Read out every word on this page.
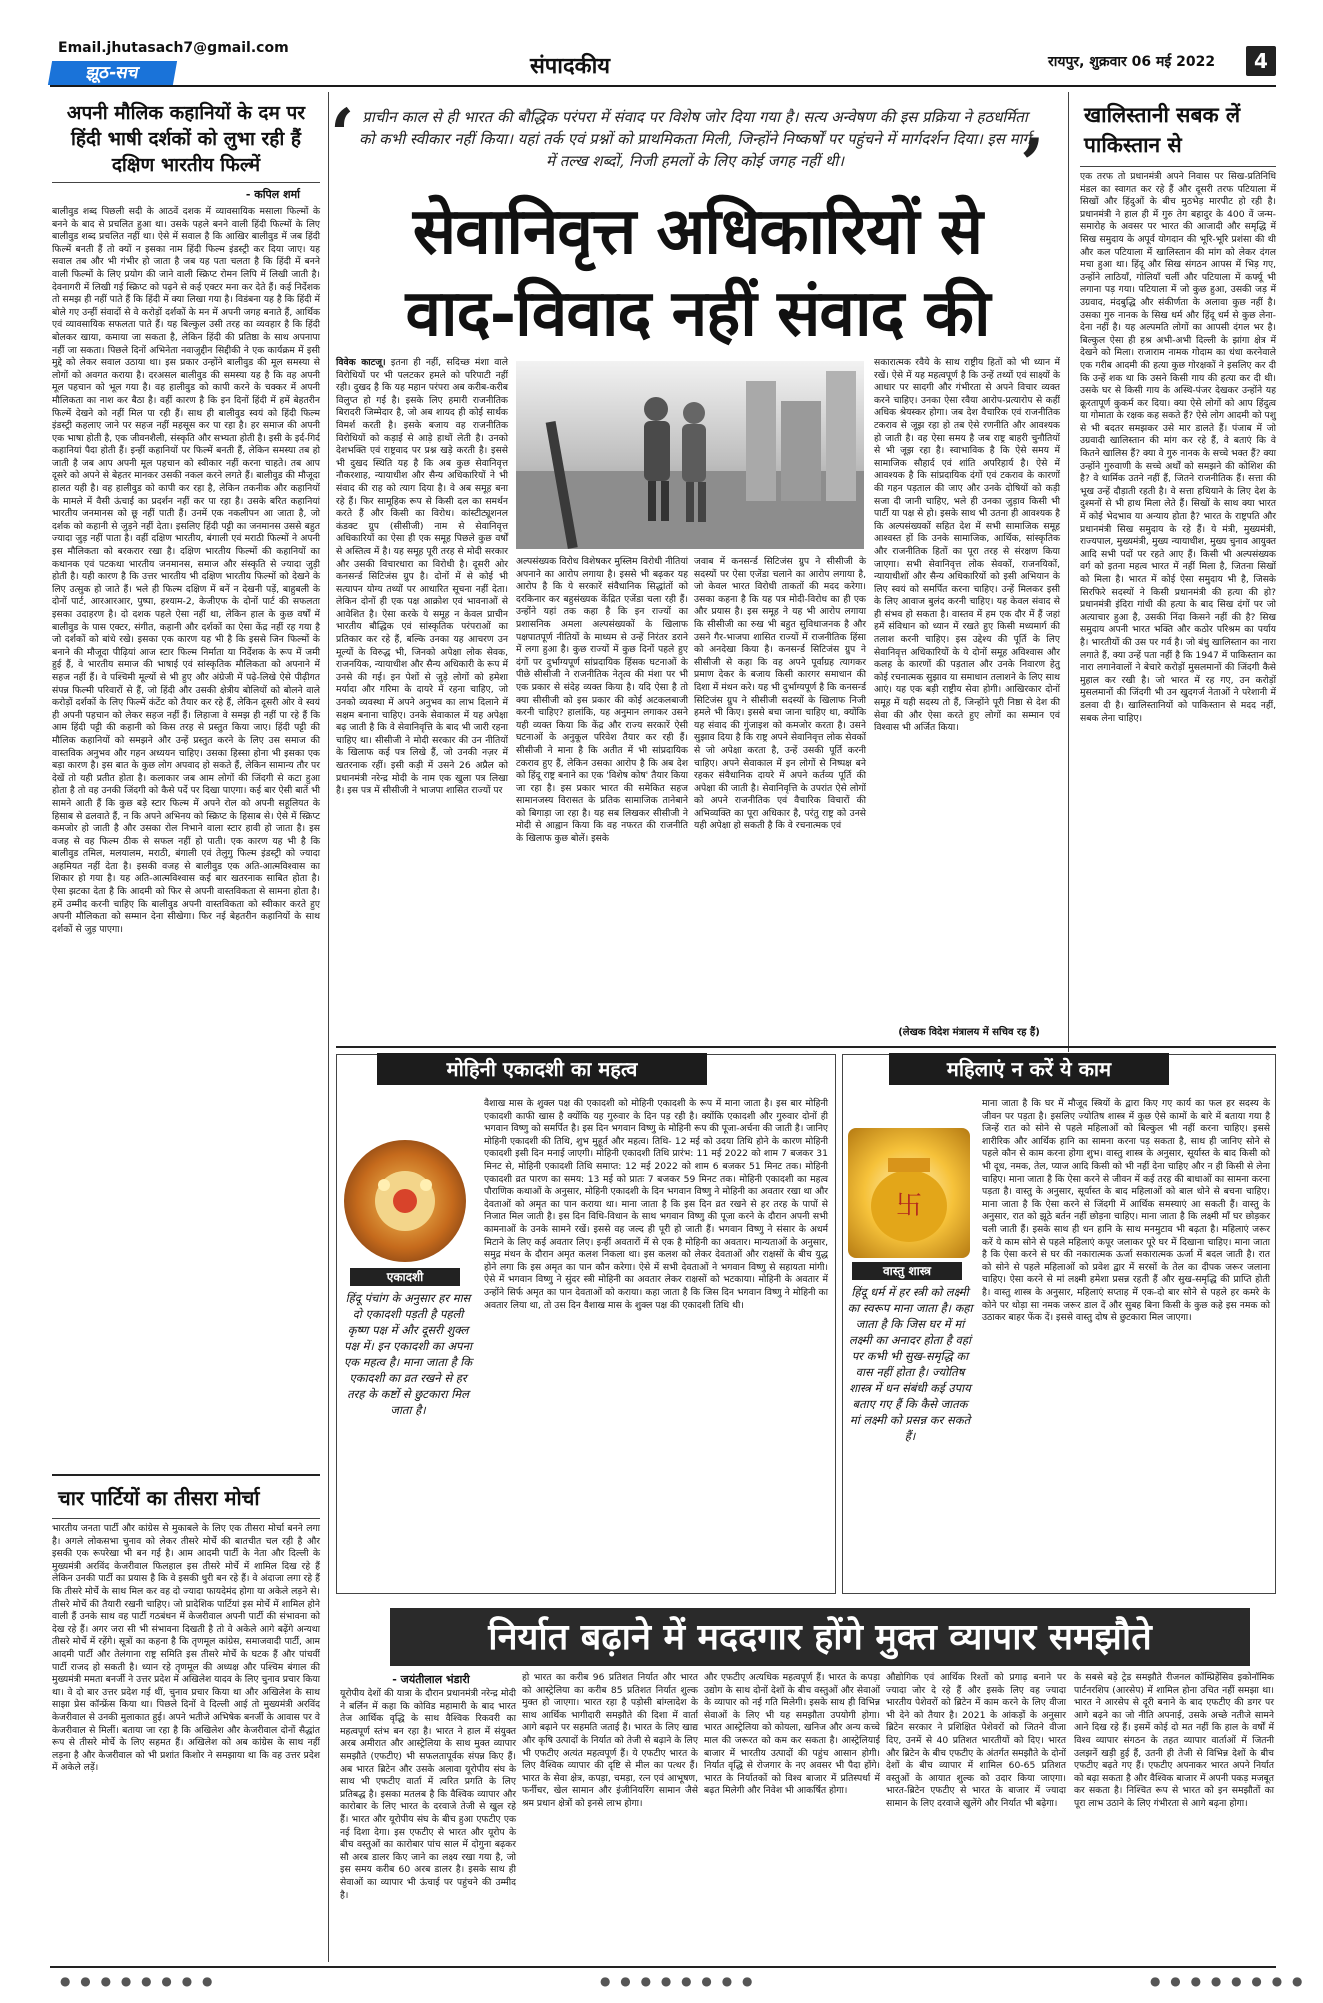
Email.jhutasach7@gmail.com
झूठ-सच	संपादकीय	रायपुर, शुक्रवार 06 मई 2022	4
अपनी मौलिक कहानियों के दम पर हिंदी भाषी दर्शकों को लुभा रही हैं दक्षिण भारतीय फिल्में
- कपिल शर्मा
बालीवुड शब्द पिछली सदी के आठवें दशक में व्यावसायिक मसाला फिल्मों के बनने के बाद से प्रचलित हुआ था। उसके पहले बनने वाली हिंदी फिल्मों के लिए बालीवुड शब्द प्रचलित नहीं था। ऐसे में सवाल है कि आखिर बालीवुड में जब हिंदी फिल्में बनती हैं तो क्यों न इसका नाम हिंदी फिल्म इंडस्ट्री कर दिया जाए। यह सवाल तब और भी गंभीर हो जाता है जब यह पता चलता है कि हिंदी में बनने वाली फिल्मों के लिए प्रयोग की जाने वाली स्क्रिप्ट रोमन लिपि में लिखी जाती है। देवनागरी में लिखी गई स्क्रिप्ट को पढ़ने से कई एक्टर मना कर देते हैं। कई निर्देशक तो समझ ही नहीं पाते हैं कि हिंदी में क्या लिखा गया है। विडंबना यह है कि हिंदी में बोले गए उन्हीं संवादों से वे करोड़ों दर्शकों के मन में अपनी जगह बनाते हैं, आर्थिक एवं व्यावसायिक सफलता पाते हैं। यह बिल्कुल उसी तरह का व्यवहार है कि हिंदी बोलकर खाया, कमाया जा सकता है, लेकिन हिंदी की प्रतिष्ठा के साथ अपनापा नहीं जा सकता। पिछले दिनों अभिनेता नवाजुद्दीन सिद्दीकी ने एक कार्यक्रम में इसी मुद्दे को लेकर सवाल उठाया था। इस प्रकार उन्होंने बालीवुड की मूल समस्या से लोगों को अवगत कराया है। दरअसल बालीवुड की समस्या यह है कि वह अपनी मूल पहचान को भूल गया है। वह हालीवुड को कापी करने के चक्कर में अपनी मौलिकता का नाश कर बैठा है। वहीं कारण है कि इन दिनों हिंदी में हमें बेहतरीन फिल्में देखने को नहीं मिल पा रही हैं। साथ ही बालीवुड स्वयं को हिंदी फिल्म इंडस्ट्री कहलाए जाने पर सहज नहीं महसूस कर पा रहा है। हर समाज की अपनी एक भाषा होती है, एक जीवनशैली, संस्कृति और सभ्यता होती है। इसी के इर्द-गिर्द कहानियां पैदा होती हैं। इन्हीं कहानियों पर फिल्में बनती हैं, लेकिन समस्या तब हो जाती है जब आप अपनी मूल पहचान को स्वीकार नहीं करना चाहते। तब आप दूसरे को अपने से बेहतर मानकर उसकी नकल करने लगते हैं। बालीवुड की मौजूदा हालत यही है। वह हालीवुड को कापी कर रहा है, लेकिन तकनीक और कहानियों के मामले में वैसी ऊंचाई का प्रदर्शन नहीं कर पा रहा है। उसके बरित कहानियां भारतीय जनमानस को छू नहीं पाती हैं। उनमें एक नकलीपन आ जाता है, जो दर्शक को कहानी से जुड़ने नहीं देता। इसलिए हिंदी पट्टी का जनमानस उससे बहुत ज्यादा जुड़ नहीं पाता है। वहीं दक्षिण भारतीय, बंगाली एवं मराठी फिल्मों ने अपनी इस मौलिकता को बरकरार रखा है। दक्षिण भारतीय फिल्मों की कहानियों का कथानक एवं पटकथा भारतीय जनमानस, समाज और संस्कृति से ज्यादा जुड़ी होती है। यही कारण है कि उत्तर भारतीय भी दक्षिण भारतीय फिल्मों को देखने के लिए उत्सुक हो जाते हैं। भले ही फिल्म दक्षिण में बनें न देखनी पड़ें, बाहुबली के दोनों पार्ट, आरआरआर, पुष्पा, हश्याम-2, केजीएफ के दोनों पार्ट की सफलता इसका उदाहरण है। दो दशक पहले ऐसा नहीं था, लेकिन हाल के कुछ वर्षों में बालीवुड के पास एक्टर, संगीत, कहानी और दर्शकों का ऐसा केंद्र नहीं रह गया है जो दर्शकों को बांधे रखे। इसका एक कारण यह भी है कि इससे जिन फिल्मों के बनाने की मौजूदा पीढ़ियां आज स्टार फिल्म निर्माता या निर्देशक के रूप में जमी हुई हैं, वे भारतीय समाज की भाषाई एवं सांस्कृतिक मौलिकता को अपनाने में सहज नहीं हैं। वे पश्चिमी मूल्यों से भी हुए और अंग्रेजी में पढ़े-लिखे ऐसे पीढ़ीगत संपन्न फिल्मी परिवारों से हैं, जो हिंदी और उसकी क्षेत्रीय बोलियों को बोलने वाले करोड़ों दर्शकों के लिए फिल्में कंटेंट को तैयार कर रहे हैं, लेकिन दूसरी ओर वे स्वयं ही अपनी पहचान को लेकर सहज नहीं हैं। लिहाजा वे समझ ही नहीं पा रहे हैं कि आम हिंदी पट्टी की कहानी को किस तरह से प्रस्तुत किया जाए। हिंदी पट्टी की मौलिक कहानियों को समझने और उन्हें प्रस्तुत करने के लिए उस समाज की वास्तविक अनुभव और गहन अध्ययन चाहिए। उसका हिस्सा होना भी इसका एक बड़ा कारण है। इस बात के कुछ लोग अपवाद हो सकते हैं, लेकिन सामान्य तौर पर देखें तो यही प्रतीत होता है। कलाकार जब आम लोगों की जिंदगी से कटा हुआ होता है तो वह उनकी जिंदगी को कैसे पर्दे पर दिखा पाएगा। कई बार ऐसी बातें भी सामने आती हैं कि कुछ बड़े स्टार फिल्म में अपने रोल को अपनी सहूलियत के हिसाब से ढलवाते हैं, न कि अपने अभिनय को स्क्रिप्ट के हिसाब से। ऐसे में स्क्रिप्ट कमजोर हो जाती है और उसका रोल निभाने वाला स्टार हावी हो जाता है। इस वजह से वह फिल्म ठीक से सफल नहीं हो पाती। एक कारण यह भी है कि बालीवुड तमिल, मलयालम, मराठी, बंगाली एवं तेलुगु फिल्म इंडस्ट्री को ज्यादा अहमियत नहीं देता है। इसकी वजह से बालीवुड एक अति-आत्मविश्वास का शिकार हो गया है। यह अति-आत्मविश्वास कई बार खतरनाक साबित होता है। ऐसा झटका देता है कि आदमी को फिर से अपनी वास्तविकता से सामना होता है। हमें उम्मीद करनी चाहिए कि बालीवुड अपनी वास्तविकता को स्वीकार करते हुए अपनी मौलिकता को सम्मान देना सीखेगा। फिर नई बेहतरीन कहानियों के साथ दर्शकों से जुड़ पाएगा।
चार पार्टियों का तीसरा मोर्चा
भारतीय जनता पार्टी और कांग्रेस से मुकाबले के लिए एक तीसरा मोर्चा बनने लगा है। अगले लोकसभा चुनाव को लेकर तीसरे मोर्चे की बातचीत चल रही है और इसकी एक रूपरेखा भी बन गई है। आम आदमी पार्टी के नेता और दिल्ली के मुख्यमंत्री अरविंद केजरीवाल फिलहाल इस तीसरे मोर्चे में शामिल दिख रहे हैं लेकिन उनकी पार्टी का प्रयास है कि वे इसकी धुरी बन रहे हैं। वे अंदाजा लगा रहे हैं कि तीसरे मोर्चे के साथ मिल कर वह दो ज्यादा फायदेमंद होगा या अकेले लड़ने से। तीसरे मोर्चे की तैयारी रखनी चाहिए। जो प्रादेशिक पार्टियां इस मोर्चे में शामिल होने वाली हैं उनके साथ वह पार्टी गठबंधन में केजरीवाल अपनी पार्टी की संभावना को देख रहे हैं। अगर जरा सी भी संभावना दिखती है तो वे अकेले आगे बढ़ेंगे अन्यथा तीसरे मोर्चे में रहेंगे। सूत्रों का कहना है कि तृणमूल कांग्रेस, समाजवादी पार्टी, आम आदमी पार्टी और तेलंगाना राष्ट्र समिति इस तीसरे मोर्चे के घटक हैं और पांचवीं पार्टी राजद हो सकती है। ध्यान रहे तृणमूल की अध्यक्ष और पश्चिम बंगाल की मुख्यमंत्री ममता बनर्जी ने उत्तर प्रदेश में अखिलेश यादव के लिए चुनाव प्रचार किया था। वे दो बार उत्तर प्रदेश गई थीं, चुनाव प्रचार किया था और अखिलेश के साथ साझा प्रेस कॉन्फ्रेंस किया था। पिछले दिनों वे दिल्ली आई तो मुख्यमंत्री अरविंद केजरीवाल से उनकी मुलाकात हुई। अपने भतीजे अभिषेक बनर्जी के आवास पर वे केजरीवाल से मिलीं। बताया जा रहा है कि अखिलेश और केजरीवाल दोनों सैद्धांत रूप से तीसरे मोर्चे के लिए सहमत हैं। अखिलेश को अब कांग्रेस के साथ नहीं लड़ना है और केजरीवाल को भी प्रशांत किशोर ने समझाया था कि वह उत्तर प्रदेश में अकेले लड़ें।
‘ प्राचीन काल से ही भारत की बौद्धिक परंपरा में संवाद पर विशेष जोर दिया गया है। सत्य अन्वेषण की इस प्रक्रिया ने हठधर्मिता को कभी स्वीकार नहीं किया। यहां तर्क एवं प्रश्नों को प्राथमिकता मिली, जिन्होंने निष्कर्षों पर पहुंचने में मार्गदर्शन दिया। इस मार्ग में तल्ख शब्दों, निजी हमलों के लिए कोई जगह नहीं थी।	’
सेवानिवृत्त अधिकारियों से
वाद-विवाद नहीं संवाद की
विवेक काटजू। इतना ही नहीं, सदिच्छ मंशा वाले विरोधियों पर भी पलटकर हमले को परिपाटी नहीं रही। दुखद है कि यह महान परंपरा अब करीब-करीब विलुप्त हो गई है। इसके लिए हमारी राजनीतिक बिरादरी जिम्मेदार है, जो अब शायद ही कोई सार्थक विमर्श करती है। इसके बजाय वह राजनीतिक विरोधियों को कड़ाई से आड़े हाथों लेती है। उनको देशभक्ति एवं राष्ट्रवाद पर प्रश्न खड़े करती है। इससे भी दुखद स्थिति यह है कि अब कुछ सेवानिवृत्त नौकरशाह, न्यायाधीश और सैन्य अधिकारियों ने भी संवाद की राह को त्याग दिया है। वे अब समूह बना रहे हैं। फिर सामूहिक रूप से किसी दल का समर्थन करते हैं और किसी का विरोध। कांस्टीट्यूशनल कंडक्ट ग्रुप (सीसीजी) नाम से सेवानिवृत्त अधिकारियों का ऐसा ही एक समूह पिछले कुछ वर्षों से अस्तित्व में है। यह समूह पूरी तरह से मोदी सरकार और उसकी विचारधारा का विरोधी है। दूसरी ओर कनसर्न्ड सिटिजंस ग्रुप है। दोनों में से कोई भी सत्यापन योग्य तथ्यों पर आधारित सूचना नहीं देता। लेकिन दोनों ही एक पक्ष आक्रोश एवं भावनाओं से आवेशित है। ऐसा करके ये समूह न केवल प्राचीन भारतीय बौद्धिक एवं सांस्कृतिक परंपराओं का प्रतिकार कर रहे हैं, बल्कि उनका यह आचरण उन मूल्यों के विरुद्ध भी, जिनको अपेक्षा लोक सेवक, राजनयिक, न्यायाधीश और सैन्य अधिकारी के रूप में उनसे की गई। इन पेशों से जुड़े लोगों को हमेशा मर्यादा और गरिमा के दायरे में रहना चाहिए, जो उनको व्यवस्था में अपने अनुभव का लाभ दिलाने में सक्षम बनाना चाहिए। उनके सेवाकाल में यह अपेक्षा बढ़ जाती है कि वे सेवानिवृत्ति के बाद भी जारी रहना चाहिए था। सीसीजी ने मोदी सरकार की उन नीतियों के खिलाफ कई पत्र लिखे हैं, जो उनकी नज़र में खतरनाक रहीं। इसी कड़ी में उसने 26 अप्रैल को प्रधानमंत्री नरेन्द्र मोदी के नाम एक खुला पत्र लिखा है। इस पत्र में सीसीजी ने भाजपा शासित राज्यों पर
अल्पसंख्यक विरोध विशेषकर मुस्लिम विरोधी नीतियां अपनाने का आरोप लगाया है। इससे भी बढ़कर यह आरोप है कि ये सरकारें संवैधानिक सिद्धांतों को दरकिनार कर बहुसंख्यक केंद्रित एजेंडा चला रही हैं। उन्होंने यहां तक कहा है कि इन राज्यों का प्रशासनिक अमला अल्पसंख्यकों के खिलाफ पक्षपातपूर्ण नीतियों के माध्यम से उन्हें निरंतर डराने में लगा हुआ है। कुछ राज्यों में कुछ दिनों पहले हुए दंगों पर दुर्भाग्यपूर्ण सांप्रदायिक हिंसक घटनाओं के पीछे सीसीजी ने राजनीतिक नेतृत्व की मंशा पर भी एक प्रकार से संदेह व्यक्त किया है। यदि ऐसा है तो क्या सीसीजी को इस प्रकार की कोई अटकलबाजी करनी चाहिए? हालांकि, यह अनुमान लगाकर उसने यही व्यक्त किया कि केंद्र और राज्य सरकारें ऐसी घटनाओं के अनुकूल परिवेश तैयार कर रही हैं। सीसीजी ने माना है कि अतीत में भी सांप्रदायिक टकराव हुए हैं, लेकिन उसका आरोप है कि अब देश को हिंदू राष्ट्र बनाने का एक 'विशेष कोष' तैयार किया जा रहा है। इस प्रकार भारत की समेकित सहज सामानजस्य विरासत के प्रतिक सामाजिक तानेबाने को बिगाड़ा जा रहा है। यह सब लिखकर सीसीजी ने मोदी से आह्वान किया कि वह नफरत की राजनीति के खिलाफ कुछ बोलें। इसके
जवाब में कनसर्न्ड सिटिजंस ग्रुप ने सीसीजी के सदस्यों पर ऐसा एजेंडा चलाने का आरोप लगाया है, जो केवल भारत विरोधी ताकतों की मदद करेगा। उसका कहना है कि यह पत्र मोदी-विरोध का ही एक और प्रयास है। इस समूह ने यह भी आरोप लगाया कि सीसीजी का रुख भी बहुत सुविधाजनक है और उसने गैर-भाजपा शासित राज्यों में राजनीतिक हिंसा को अनदेखा किया है। कनसर्न्ड सिटिजंस ग्रुप ने सीसीजी से कहा कि वह अपने पूर्वाग्रह त्यागकर प्रमाण देकर के बजाय किसी कारगर समाधान की दिशा में मंथन करे। यह भी दुर्भाग्यपूर्ण है कि कनसर्न्ड सिटिजंस ग्रुप ने सीसीजी सदस्यों के खिलाफ निजी हमले भी किए। इससे बचा जाना चाहिए था, क्योंकि यह संवाद की गुंजाइश को कमजोर करता है। उसने सुझाव दिया है कि राष्ट्र अपने सेवानिवृत्त लोक सेवकों से जो अपेक्षा करता है, उन्हें उसकी पूर्ति करनी चाहिए। अपने सेवाकाल में इन लोगों से निष्पक्ष बने रहकर संवैधानिक दायरे में अपने कर्तव्य पूर्ति की अपेक्षा की जाती है। सेवानिवृत्ति के उपरांत ऐसे लोगों को अपने राजनीतिक एवं वैचारिक विचारों की अभिव्यक्ति का पूरा अधिकार है, परंतु राष्ट्र को उनसे यही अपेक्षा हो सकती है कि वे रचनात्मक एवं
सकारात्मक रवैये के साथ राष्ट्रीय हितों को भी ध्यान में रखें। ऐसे में यह महत्वपूर्ण है कि उन्हें तथ्यों एवं साक्ष्यों के आधार पर सादगी और गंभीरता से अपने विचार व्यक्त करने चाहिए। उनका ऐसा रवैया आरोप-प्रत्यारोप से कहीं अधिक श्रेयस्कर होगा। जब देश वैचारिक एवं राजनीतिक टकराव से जूझ रहा हो तब ऐसे रणनीति और आवश्यक हो जाती है। वह ऐसा समय है जब राष्ट्र बाहरी चुनौतियों से भी जूझ रहा है। स्वाभाविक है कि ऐसे समय में सामाजिक सौहार्द एवं शांति अपरिहार्य है। ऐसे में आवश्यक है कि सांप्रदायिक दंगों एवं टकराव के कारणों की गहन पड़ताल की जाए और उनके दोषियों को कड़ी सजा दी जानी चाहिए, भले ही उनका जुड़ाव किसी भी पार्टी या पक्ष से हो। इसके साथ भी उतना ही आवश्यक है कि अल्पसंख्यकों सहित देश में सभी सामाजिक समूह आश्वस्त हों कि उनके सामाजिक, आर्थिक, सांस्कृतिक और राजनीतिक हितों का पूरा तरह से संरक्षण किया जाएगा। सभी सेवानिवृत्त लोक सेवकों, राजनयिकों, न्यायाधीशों और सैन्य अधिकारियों को इसी अभियान के लिए स्वयं को समर्पित करना चाहिए। उन्हें मिलकर इसी के लिए आवाज बुलंद करनी चाहिए। यह केवल संवाद से ही संभव हो सकता है। वास्तव में हम एक दौर में हैं जहां हमें संविधान को ध्यान में रखते हुए किसी मध्यमार्ग की तलाश करनी चाहिए। इस उद्देश्य की पूर्ति के लिए सेवानिवृत्त अधिकारियों के ये दोनों समूह अविश्वास और कलह के कारणों की पड़ताल और उनके निवारण हेतु कोई रचनात्मक सुझाव या समाधान तलाशने के लिए साथ आएं। यह एक बड़ी राष्ट्रीय सेवा होगी। आखिरकार दोनों समूह में यही सदस्य तो हैं, जिन्होंने पूरी निष्ठा से देश की सेवा की और ऐसा करते हुए लोगों का सम्मान एवं विश्वास भी अर्जित किया।
(लेखक विदेश मंत्रालय में सचिव रह हैं)
खालिस्तानी सबक लें पाकिस्तान से
एक तरफ तो प्रधानमंत्री अपने निवास पर सिख-प्रतिनिधि मंडल का स्वागत कर रहे हैं और दूसरी तरफ पटियाला में सिखों और हिंदुओं के बीच मुठभेड़ मारपीट हो रही है। प्रधानमंत्री ने हाल ही में गुरु तेग बहादुर के 400 वें जन्म-समारोह के अवसर पर भारत की आजादी और समृद्धि में सिख समुदाय के अपूर्व योगदान की भूरि-भूरि प्रशंसा की थी और कल पटियाला में खालिस्तान की मांग को लेकर दंगल मचा हुआ था। हिंदू और सिख संगठन आपस में भिड़ गए, उन्होंने लाठियाँ, गोलियाँ चलीं और पटियाला में कर्फ्यू भी लगाना पड़ गया। पटियाला में जो कुछ हुआ, उसकी जड़ में उग्रवाद, मंदबुद्धि और संकीर्णता के अलावा कुछ नहीं है। उसका गुरु नानक के सिख धर्म और हिंदू धर्म से कुछ लेना-देना नहीं है। यह अल्पमति लोगों का आपसी दंगल भर है। बिल्कुल ऐसा ही हश्र अभी-अभी दिल्ली के झांगा क्षेत्र में देखने को मिला। राजाराम नामक गोदाम का धंधा करनेवाले एक गरीब आदमी की हत्या कुछ गोरक्षकों ने इसलिए कर दी कि उन्हें शक था कि उसने किसी गाय की हत्या कर दी थी। उसके घर से किसी गाय के अस्थि-पंजर देखकर उन्होंने यह क्रूरतापूर्ण कुकर्म कर दिया। क्या ऐसे लोगों को आप हिंदुत्व या गोमाता के रक्षक कह सकते हैं? ऐसे लोग आदमी को पशु से भी बदतर समझकर उसे मार डालते हैं। पंजाब में जो उग्रवादी खालिस्तान की मांग कर रहे हैं, वे बताएं कि वे कितने खालिस हैं? क्या वे गुरु नानक के सच्चे भक्त हैं? क्या उन्होंने गुरुवाणी के सच्चे अर्थों को समझने की कोशिश की है? वे धार्मिक उतने नहीं हैं, जितने राजनीतिक हैं। सत्ता की भूख उन्हें दौड़ाती रहती है। वे सत्ता हथियाने के लिए देश के दुश्मनों से भी हाथ मिला लेते हैं। सिखों के साथ क्या भारत में कोई भेदभाव या अन्याय होता है? भारत के राष्ट्रपति और प्रधानमंत्री सिख समुदाय के रहे हैं। ये मंत्री, मुख्यमंत्री, राज्यपाल, मुख्यमंत्री, मुख्य न्यायाधीश, मुख्य चुनाव आयुक्त आदि सभी पदों पर रहते आए हैं। किसी भी अल्पसंख्यक वर्ग को इतना महत्व भारत में नहीं मिला है, जितना सिखों को मिला है। भारत में कोई ऐसा समुदाय भी है, जिसके सिरफिरे सदस्यों ने किसी प्रधानमंत्री की हत्या की हो? प्रधानमंत्री इंदिरा गांधी की हत्या के बाद सिख दंगों पर जो अत्याचार हुआ है, उसकी निंदा किसने नहीं की है? सिख समुदाय अपनी भारत भक्ति और कठोर परिश्रम का पर्याय है। भारतीयों की उस पर गर्व है। जो बंधु खालिस्तान का नारा लगाते हैं, क्या उन्हें पता नहीं है कि 1947 में पाकिस्तान का नारा लगानेवालों ने बेचारे करोड़ों मुसलमानों की जिंदगी कैसे मुहाल कर रखी है। जो भारत में रह गए, उन करोड़ों मुसलमानों की जिंदगी भी उन खुदगर्ज नेताओं ने परेशानी में डलवा दी है। खालिस्तानियों को पाकिस्तान से मदद नहीं, सबक लेना चाहिए।
मोहिनी एकादशी का महत्व
एकादशी
हिंदू पंचांग के अनुसार हर मास दो एकादशी पड़ती है पहली कृष्ण पक्ष में और दूसरी शुक्ल पक्ष में। इन एकादशी का अपना एक महत्व है। माना जाता है कि एकादशी का व्रत रखने से हर तरह के कष्टों से छुटकारा मिल जाता है।
वैशाख मास के शुक्ल पक्ष की एकादशी को मोहिनी एकादशी के रूप में माना जाता है। इस बार मोहिनी एकादशी काफी खास है क्योंकि यह गुरुवार के दिन पड़ रही है। क्योंकि एकादशी और गुरुवार दोनों ही भगवान विष्णु को समर्पित है। इस दिन भगवान विष्णु के मोहिनी रूप की पूजा-अर्चना की जाती है। जानिए मोहिनी एकादशी की तिथि, शुभ मुहूर्त और महत्व। तिथि- 12 मई को उदया तिथि होने के कारण मोहिनी एकादशी इसी दिन मनाई जाएगी। मोहिनी एकादशी तिथि प्रारंभ: 11 मई 2022 को शाम 7 बजकर 31 मिनट से, मोहिनी एकादशी तिथि समाप्त: 12 मई 2022 को शाम 6 बजकर 51 मिनट तक। मोहिनी एकादशी व्रत पारण का समय: 13 मई को प्रातः 7 बजकर 59 मिनट तक। मोहिनी एकादशी का महत्व पौराणिक कथाओं के अनुसार, मोहिनी एकादशी के दिन भगवान विष्णु ने मोहिनी का अवतार रखा था और देवताओं को अमृत का पान कराया था। माना जाता है कि इस दिन व्रत रखने से हर तरह के पापों से निजात मिल जाती है। इस दिन विधि-विधान के साथ भगवान विष्णु की पूजा करने के दौरान अपनी सभी कामनाओं के उनके सामने रखें। इससे वह जल्द ही पूरी हो जाती हैं। भगवान विष्णु ने संसार के अधर्म मिटाने के लिए कई अवतार लिए। इन्हीं अवतारों में से एक है मोहिनी का अवतार। मान्यताओं के अनुसार, समुद्र मंथन के दौरान अमृत कलश निकला था। इस कलश को लेकर देवताओं और राक्षसों के बीच युद्ध होने लगा कि इस अमृत का पान कौन करेगा। ऐसे में सभी देवताओं ने भगवान विष्णु से सहायता मांगी। ऐसे में भगवान विष्णु ने सुंदर स्त्री मोहिनी का अवतार लेकर राक्षसों को भटकाया। मोहिनी के अवतार में उन्होंने सिर्फ अमृत का पान देवताओं को कराया। कहा जाता है कि जिस दिन भगवान विष्णु ने मोहिनी का अवतार लिया था, तो उस दिन वैशाख मास के शुक्ल पक्ष की एकादशी तिथि थी।
महिलाएं न करें ये काम
卐
वास्तु शास्त्र
हिंदू धर्म में हर स्त्री को लक्ष्मी का स्वरूप माना जाता है। कहा जाता है कि जिस घर में मां लक्ष्मी का अनादर होता है वहां पर कभी भी सुख-समृद्धि का वास नहीं होता है। ज्योतिष शास्त्र में धन संबंधी कई उपाय बताए गए हैं कि कैसे जातक मां लक्ष्मी को प्रसन्न कर सकते हैं।
माना जाता है कि घर में मौजूद स्त्रियों के द्वारा किए गए कार्य का फल हर सदस्य के जीवन पर पड़ता है। इसलिए ज्योतिष शास्त्र में कुछ ऐसे कामों के बारे में बताया गया है जिन्हें रात को सोने से पहले महिलाओं को बिल्कुल भी नहीं करना चाहिए। इससे शारीरिक और आर्थिक हानि का सामना करना पड़ सकता है, साथ ही जानिए सोने से पहले कौन से काम करना होगा शुभ। वास्तु शास्त्र के अनुसार, सूर्यास्त के बाद किसी को भी दूध, नमक, तेल, प्याज आदि किसी को भी नहीं देना चाहिए और न ही किसी से लेना चाहिए। माना जाता है कि ऐसा करने से जीवन में कई तरह की बाधाओं का सामना करना पड़ता है। वास्तु के अनुसार, सूर्यास्त के बाद महिलाओं को बाल धोने से बचना चाहिए। माना जाता है कि ऐसा करने से जिंदगी में आर्थिक समस्याएं आ सकती हैं। वास्तु के अनुसार, रात को झूठे बर्तन नहीं छोड़ना चाहिए। माना जाता है कि लक्ष्मी माँ घर छोड़कर चली जाती हैं। इसके साथ ही धन हानि के साथ मनमुटाव भी बढ़ता है। महिलाएं जरूर करें ये काम सोने से पहले महिलाएं कपूर जलाकर पूरे घर में दिखाना चाहिए। माना जाता है कि ऐसा करने से घर की नकारात्मक ऊर्जा सकारात्मक ऊर्जा में बदल जाती है। रात को सोने से पहले महिलाओं को प्रवेश द्वार में सरसों के तेल का दीपक जरूर जलाना चाहिए। ऐसा करने से मां लक्ष्मी हमेशा प्रसन्न रहती हैं और सुख-समृद्धि की प्राप्ति होती है। वास्तु शास्त्र के अनुसार, महिलाएं सप्ताह में एक-दो बार सोने से पहले हर कमरे के कोने पर थोड़ा सा नमक जरूर डाल दें और सुबह बिना किसी के कुछ कहे इस नमक को उठाकर बाहर फेंक दें। इससे वास्तु दोष से छुटकारा मिल जाएगा।
निर्यात बढ़ाने में मददगार होंगे मुक्त व्यापार समझौते
- जयंतीलाल भंडारी
यूरोपीय देशों की यात्रा के दौरान प्रधानमंत्री नरेन्द्र मोदी ने बर्लिन में कहा कि कोविड महामारी के बाद भारत तेज आर्थिक वृद्धि के साथ वैश्विक रिकवरी का महत्वपूर्ण स्तंभ बन रहा है। भारत ने हाल में संयुक्त अरब अमीरात और आस्ट्रेलिया के साथ मुक्त व्यापार समझौते (एफटीए) भी सफलतापूर्वक संपन्न किए हैं। अब भारत ब्रिटेन और उसके अलावा यूरोपीय संघ के साथ भी एफटीए वार्ता में त्वरित प्रगति के लिए प्रतिबद्ध है। इसका मतलब है कि वैश्विक व्यापार और कारोबार के लिए भारत के दरवाजे तेजी से खुल रहे हैं। भारत और यूरोपीय संघ के बीच हुआ एफटीए एक नई दिशा देगा। इस एफटीए से भारत और यूरोप के बीच वस्तुओं का कारोबार पांच साल में दोगुना बढ़कर सौ अरब डालर किए जाने का लक्ष्य रखा गया है, जो इस समय करीब 60 अरब डालर है। इसके साथ ही सेवाओं का व्यापार भी ऊंचाई पर पहुंचने की उम्मीद है।
हो भारत का करीब 96 प्रतिशत निर्यात और भारत को आस्ट्रेलिया का करीब 85 प्रतिशत निर्यात शुल्क मुक्त हो जाएगा। भारत रहा है पड़ोसी बांग्लादेश के साथ आर्थिक भागीदारी समझौते की दिशा में वार्ता आगे बढ़ाने पर सहमति जताई है। भारत के लिए खाद्य और कृषि उत्पादों के निर्यात को तेजी से बढ़ाने के लिए भी एफटीए अत्यंत महत्वपूर्ण हैं। ये एफटीए भारत के लिए वैश्विक व्यापार की दृष्टि से मील का पत्थर हैं। भारत के सेवा क्षेत्र, कपड़ा, चमड़ा, रत्न एवं आभूषण, फर्नीचर, खेल सामान और इंजीनियरिंग सामान जैसे श्रम प्रधान क्षेत्रों को इनसे लाभ होगा।
और एफटीए अत्यधिक महत्वपूर्ण हैं। भारत के कपड़ा उद्योग के साथ दोनों देशों के बीच वस्तुओं और सेवाओं के व्यापार को नई गति मिलेगी। इसके साथ ही विभिन्न सेवाओं के लिए भी यह समझौता उपयोगी होगा। भारत आस्ट्रेलिया को कोयला, खनिज और अन्य कच्चे माल की जरूरत को कम कर सकता है। आस्ट्रेलियाई बाजार में भारतीय उत्पादों की पहुंच आसान होगी। निर्यात वृद्धि से रोजगार के नए अवसर भी पैदा होंगे। भारत के निर्यातकों को विश्व बाजार में प्रतिस्पर्धा में बढ़त मिलेगी और निवेश भी आकर्षित होगा।
औद्योगिक एवं आर्थिक रिश्तों को प्रगाढ़ बनाने पर ज्यादा जोर दे रहे हैं और इसके लिए वह ज्यादा भारतीय पेशेवरों को ब्रिटेन में काम करने के लिए वीजा भी देने को तैयार है। 2021 के आंकड़ों के अनुसार ब्रिटेन सरकार ने प्रशिक्षित पेशेवरों को जितने वीजा दिए, उनमें से 40 प्रतिशत भारतीयों को दिए। भारत और ब्रिटेन के बीच एफटीए के अंतर्गत समझौते के दोनों देशों के बीच व्यापार में शामिल 60-65 प्रतिशत वस्तुओं के आयात शुल्क को उदार किया जाएगा। भारत-ब्रिटेन एफटीए से भारत के बाजार में ज्यादा सामान के लिए दरवाजे खुलेंगे और निर्यात भी बढ़ेगा।
के सबसे बड़े ट्रेड समझौते रीजनल कॉम्प्रिहेंसिव इकोनॉमिक पार्टनरशिप (आरसेप) में शामिल होना उचित नहीं समझा था। भारत ने आरसेप से दूरी बनाने के बाद एफटीए की डगर पर आगे बढ़ने का जो नीति अपनाई, उसके अच्छे नतीजे सामने आने दिख रहे हैं। इसमें कोई दो मत नहीं कि हाल के वर्षों में विश्व व्यापार संगठन के तहत व्यापार वार्ताओं में जितनी उलझनें खड़ी हुई हैं, उतनी ही तेजी से विभिन्न देशों के बीच एफटीए बढ़ते गए हैं। एफटीए अपनाकर भारत अपने निर्यात को बढ़ा सकता है और वैश्विक बाजार में अपनी पकड़ मजबूत कर सकता है। निश्चित रूप से भारत को इन समझौतों का पूरा लाभ उठाने के लिए गंभीरता से आगे बढ़ना होगा।
● ● ● ● ● ● ● ●	● ● ● ● ● ● ● ●	● ● ● ● ● ● ● ●
